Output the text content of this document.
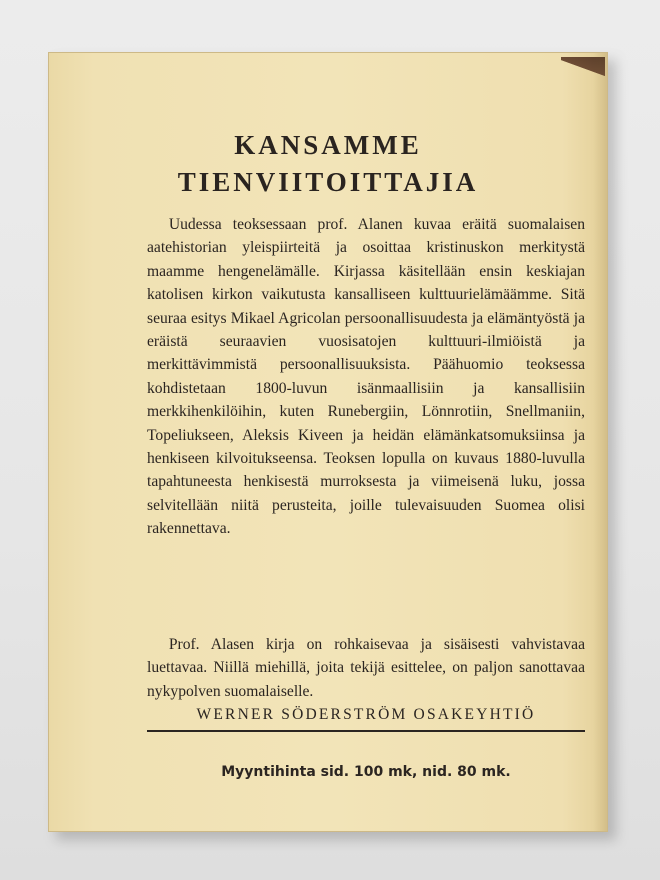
KANSAMME
TIENVIITOITTAJIA

Uudessa teoksessaan prof. Alanen kuvaa eräitä suomalaisen aatehistorian yleispiirteitä ja osoittaa kristinuskon merkitystä maamme hengenelämälle. Kirjassa käsitellään ensin keskiajan katolisen kirkon vaikutusta kansalliseen kulttuurielämäämme. Sitä seuraa esitys Mikael Agricolan persoonallisuudesta ja elämäntyöstä ja eräistä seuraavien vuosisatojen kulttuuri-ilmiöistä ja merkittävimmistä persoonallisuuksista. Päähuomio teoksessa kohdistetaan 1800-luvun isänmaallisiin ja kansallisiin merkkihenkilöihin, kuten Runebergiin, Lönnrotiin, Snellmaniin, Topeliukseen, Aleksis Kiveen ja heidän elämänkatsomuksiinsa ja henkiseen kilvoitukseensa. Teoksen lopulla on kuvaus 1880-luvulla tapahtuneesta henkisestä murroksesta ja viimeisenä luku, jossa selvitellään niitä perusteita, joille tulevaisuuden Suomea olisi rakennettava.

Prof. Alasen kirja on rohkaisevaa ja sisäisesti vahvistavaa luettavaa. Niillä miehillä, joita tekijä esittelee, on paljon sanottavaa nykypolven suomalaiselle.

WERNER SÖDERSTRÖM OSAKEYHTIÖ

Myyntihinta sid. 100 mk, nid. 80 mk.
